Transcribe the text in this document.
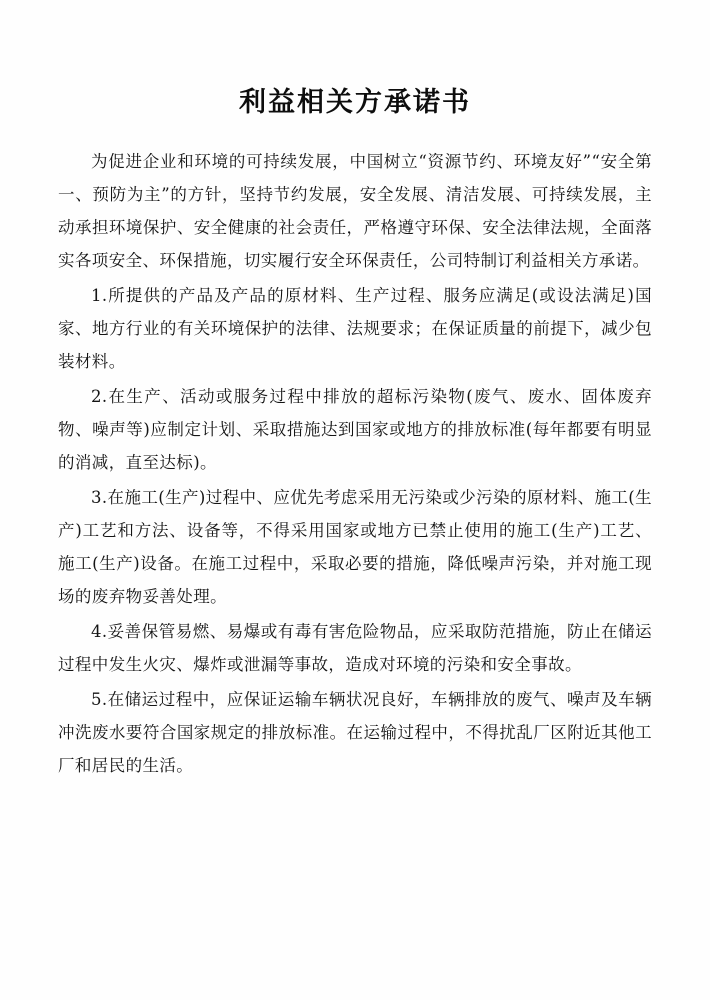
利益相关方承诺书

为促进企业和环境的可持续发展，中国树立“资源节约、环境友好”“安全第一、预防为主”的方针，坚持节约发展，安全发展、清洁发展、可持续发展，主动承担环境保护、安全健康的社会责任，严格遵守环保、安全法律法规，全面落实各项安全、环保措施，切实履行安全环保责任，公司特制订利益相关方承诺。

1.所提供的产品及产品的原材料、生产过程、服务应满足(或设法满足)国家、地方行业的有关环境保护的法律、法规要求；在保证质量的前提下，减少包装材料。

2.在生产、活动或服务过程中排放的超标污染物(废气、废水、固体废弃物、噪声等)应制定计划、采取措施达到国家或地方的排放标准(每年都要有明显的消减，直至达标)。

3.在施工(生产)过程中、应优先考虑采用无污染或少污染的原材料、施工(生产)工艺和方法、设备等，不得采用国家或地方已禁止使用的施工(生产)工艺、施工(生产)设备。在施工过程中，采取必要的措施，降低噪声污染，并对施工现场的废弃物妥善处理。

4.妥善保管易燃、易爆或有毒有害危险物品，应采取防范措施，防止在储运过程中发生火灾、爆炸或泄漏等事故，造成对环境的污染和安全事故。

5.在储运过程中，应保证运输车辆状况良好，车辆排放的废气、噪声及车辆冲洗废水要符合国家规定的排放标准。在运输过程中，不得扰乱厂区附近其他工厂和居民的生活。
